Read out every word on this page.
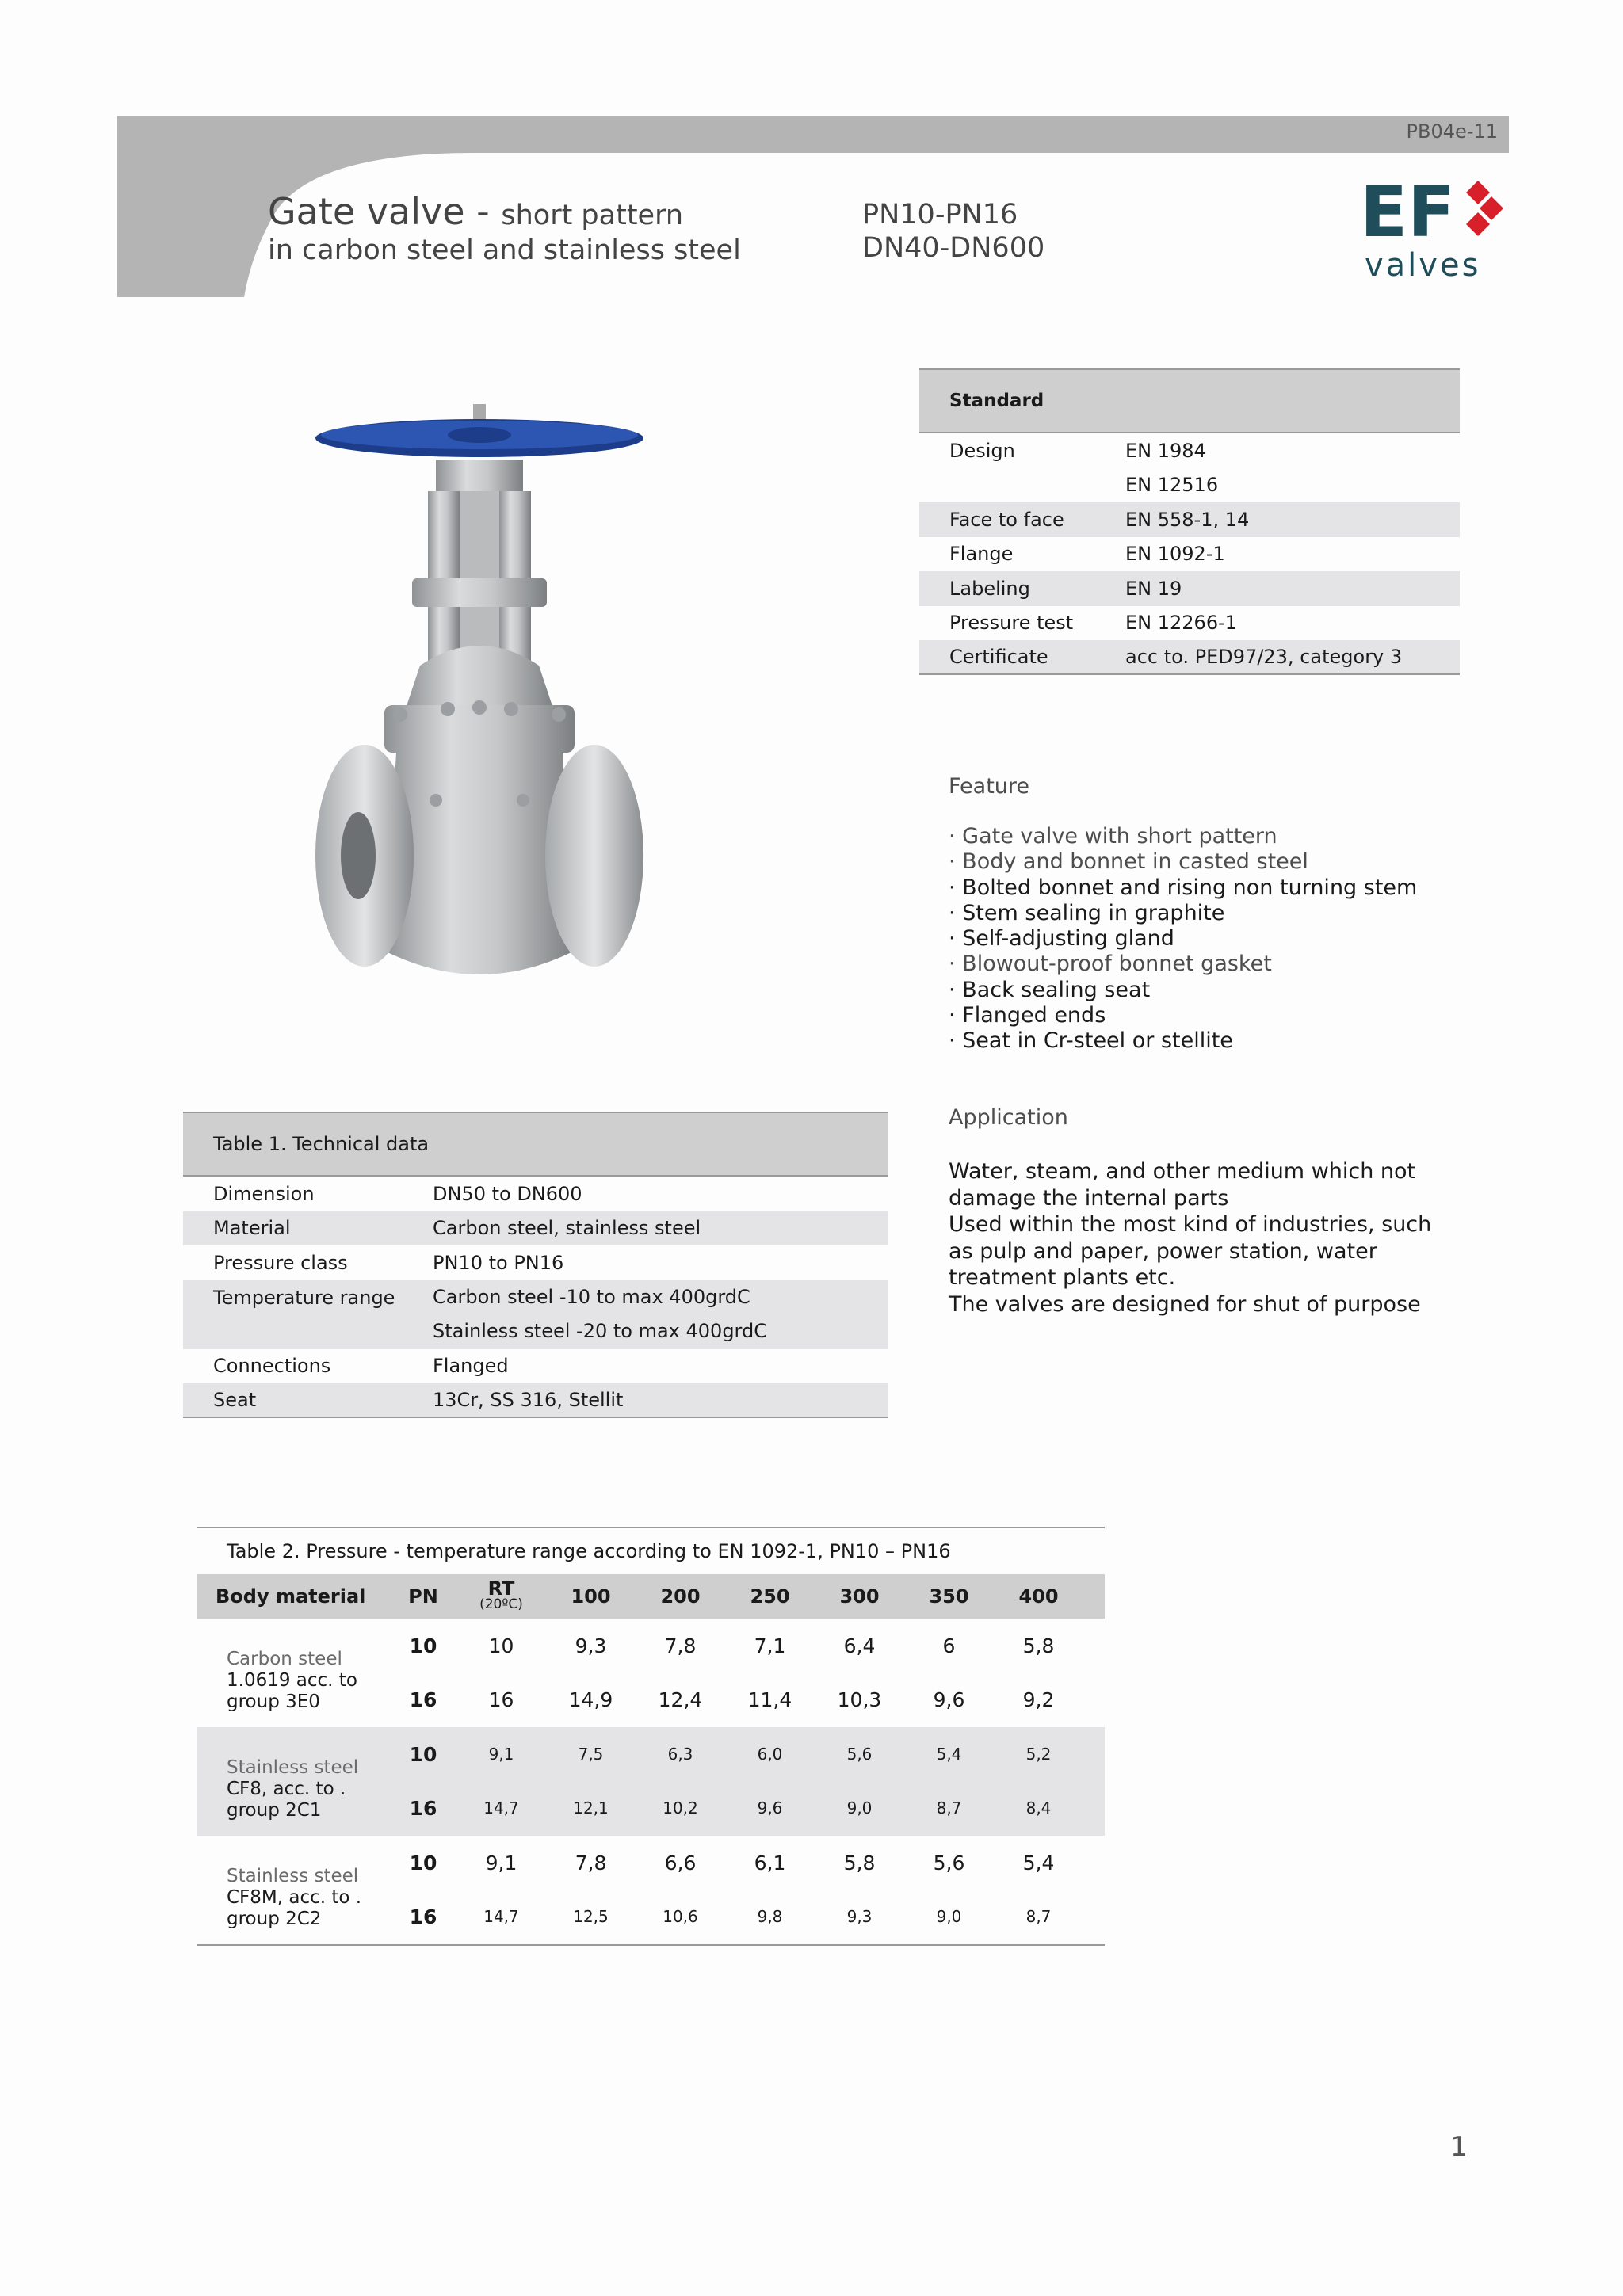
PB04e-11
Gate valve - short pattern
in carbon steel and stainless steel
PN10-PN16
DN40-DN600	EF
valves
Standard
Design	EN 1984
EN 12516
Face to face	EN 558-1, 14
Flange	EN 1092-1
Labeling	EN 19
Pressure test	EN 12266-1
Certificate	acc to. PED97/23, category 3
Feature
· Gate valve with short pattern
· Body and bonnet in casted steel
· Bolted bonnet and rising non turning stem
· Stem sealing in graphite
· Self-adjusting gland
· Blowout-proof bonnet gasket
· Back sealing seat
· Flanged ends
· Seat in Cr-steel or stellite
Application
Water, steam, and other medium which not
damage the internal parts
Used within the most kind of industries, such
as pulp and paper, power station, water
treatment plants etc.
The valves are designed for shut of purpose
Table 1. Technical data
Dimension	DN50 to DN600
Material	Carbon steel, stainless steel
Pressure class	PN10 to PN16
Temperature range	Carbon steel -10 to max 400grdC
Stainless steel -20 to max 400grdC
Connections	Flanged
Seat	13Cr, SS 316, Stellit
Table 2. Pressure - temperature range according to EN 1092-1, PN10 – PN16
Body material	PN	RT
(20ºC)	100	200	250	300	350	400
Carbon steel
1.0619 acc. to
group 3E0
10	10	9,3	7,8	7,1	6,4	6	5,8
16	16	14,9	12,4	11,4	10,3	9,6	9,2
Stainless steel
CF8, acc. to .
group 2C1
10	9,1	7,5	6,3	6,0	5,6	5,4	5,2
16	14,7	12,1	10,2	9,6	9,0	8,7	8,4
Stainless steel
CF8M, acc. to .
group 2C2
10	9,1	7,8	6,6	6,1	5,8	5,6	5,4
16	14,7	12,5	10,6	9,8	9,3	9,0	8,7
1
